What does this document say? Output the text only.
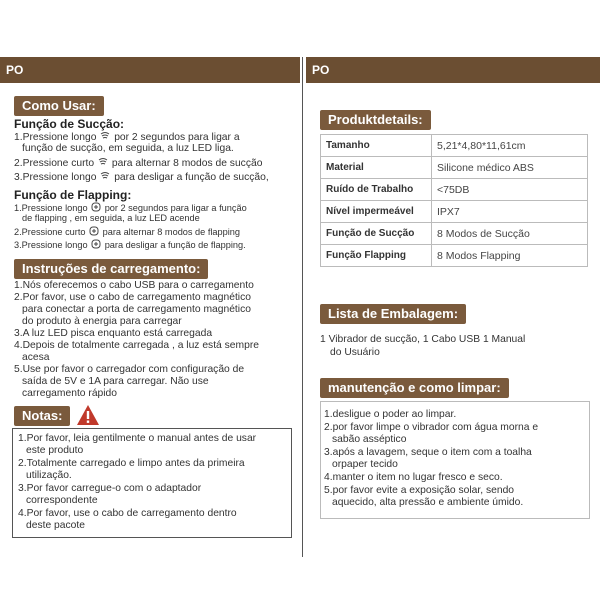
PO	PO
Como Usar:
Função de Sucção:
1.Pressione longo por 2 segundos para ligar a
função de sucção, em seguida, a luz LED liga.
2.Pressione curto para alternar 8 modos de sucção
3.Pressione longo para desligar a função de sucção,
Função de Flapping:
1.Pressione longo por 2 segundos para ligar a função
de flapping , em seguida, a luz LED acende
2.Pressione curto para alternar 8 modos de flapping
3.Pressione longo para desligar a função de flapping.
Instruções de carregamento:
1.Nós oferecemos o cabo USB para o carregamento
2.Por favor, use o cabo de carregamento magnético
para conectar a porta de carregamento magnético
do produto à energia para carregar
3.A luz LED pisca enquanto está carregada
4.Depois de totalmente carregada , a luz está sempre
acesa
5.Use por favor o carregador com configuração de
saída de 5V e 1A para carregar. Não use
carregamento rápido
Notas:
1.Por favor, leia gentilmente o manual antes de usar
este produto
2.Totalmente carregado e limpo antes da primeira
utilização.
3.Por favor carregue-o com o adaptador
correspondente
4.Por favor, use o cabo de carregamento dentro
deste pacote
Produktdetails:
Tamanho	5,21*4,80*11,61cm
Material	Silicone médico ABS
Ruído de Trabalho	<75DB
Nível impermeável	IPX7
Função de Sucção	8 Modos de Sucção
Função Flapping	8 Modos Flapping
Lista de Embalagem:
1 Vibrador de sucção, 1 Cabo USB 1 Manual
do Usuário
manutenção e como limpar:
1.desligue o poder ao limpar.
2.por favor limpe o vibrador com água morna e
sabão asséptico
3.após a lavagem, seque o item com a toalha
orpaper tecido
4.manter o item no lugar fresco e seco.
5.por favor evite a exposição solar, sendo
aquecido, alta pressão e ambiente úmido.
